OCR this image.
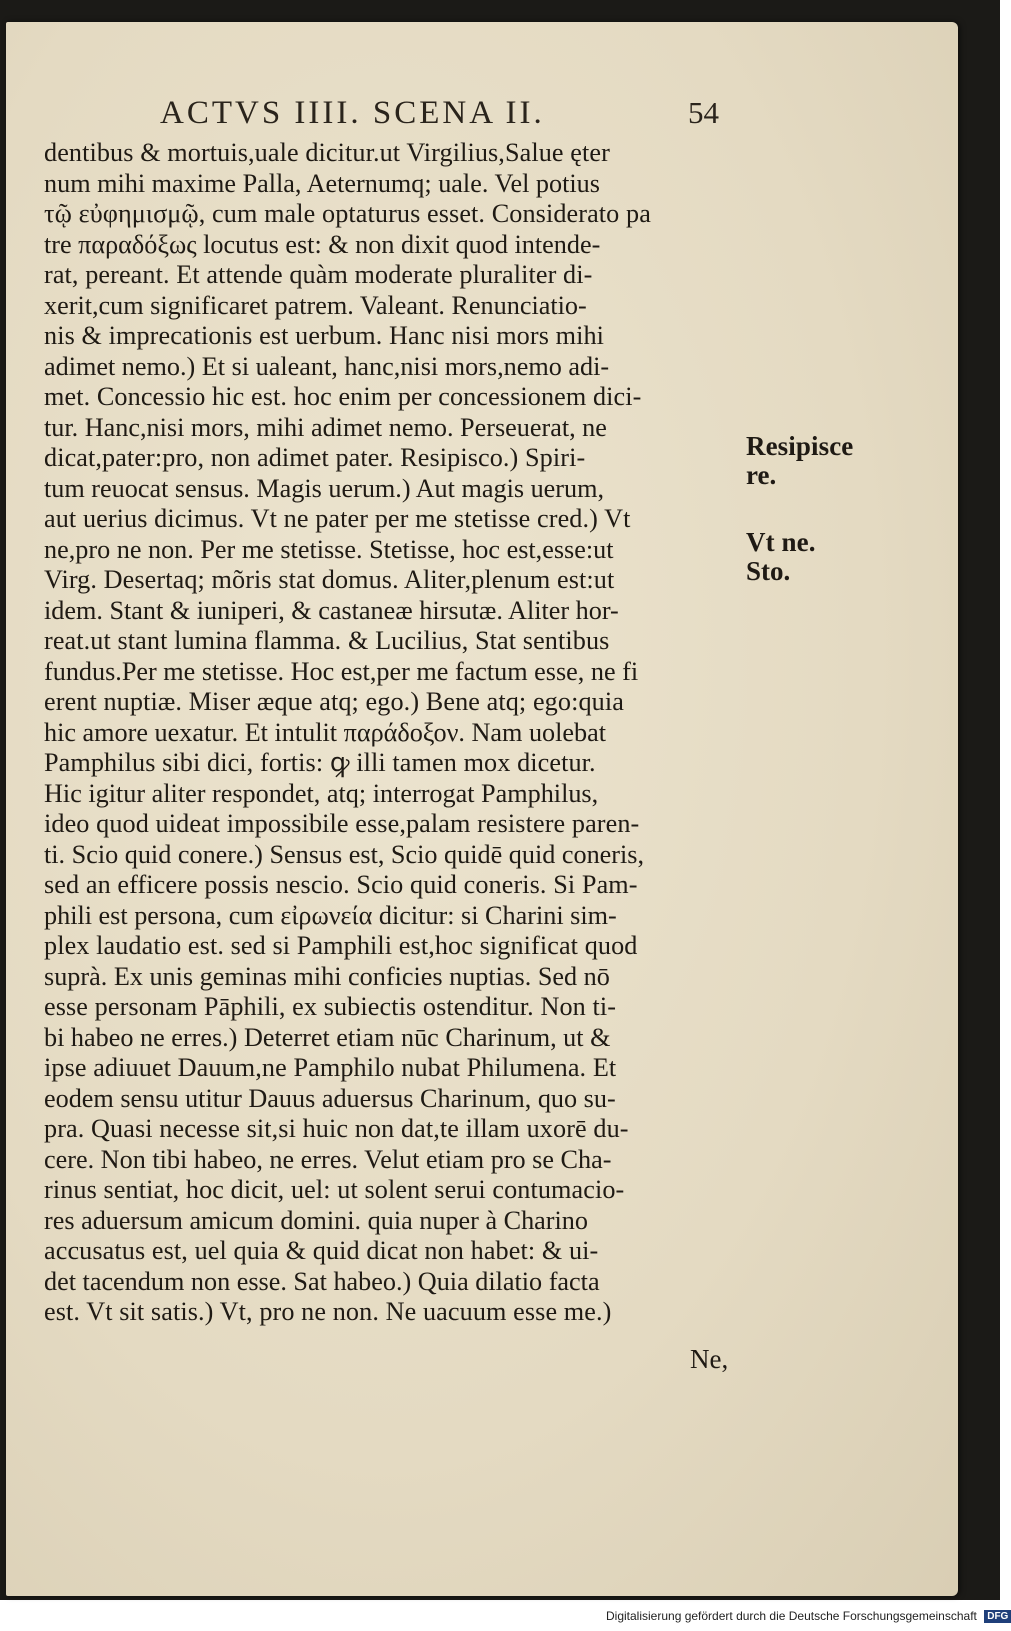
ACTVS IIII. SCENA II.	54
dentibus & mortuis,uale dicitur.ut Virgilius,Salue ęter
num mihi maxime Palla, Aeternumq; uale. Vel potius
τῷ εὐφημισμῷ, cum male optaturus esset. Considerato pa
tre παραδόξως locutus est: & non dixit quod intende-
rat, pereant. Et attende quàm moderate pluraliter di-
xerit,cum significaret patrem. Valeant. Renunciatio-
nis & imprecationis est uerbum. Hanc nisi mors mihi
adimet nemo.) Et si ualeant, hanc,nisi mors,nemo adi-
met. Concessio hic est. hoc enim per concessionem dici-
tur. Hanc,nisi mors, mihi adimet nemo. Perseuerat, ne
dicat,pater:pro, non adimet pater. Resipisco.) Spiri-
tum reuocat sensus. Magis uerum.) Aut magis uerum,
aut uerius dicimus. Vt ne pater per me stetisse cred.) Vt
ne,pro ne non. Per me stetisse. Stetisse, hoc est,esse:ut
Virg. Desertaq; mõris stat domus. Aliter,plenum est:ut
idem. Stant & iuniperi, & castaneæ hirsutæ. Aliter hor-
reat.ut stant lumina flamma. & Lucilius, Stat sentibus
fundus.Per me stetisse. Hoc est,per me factum esse, ne fi
erent nuptiæ. Miser æque atq; ego.) Bene atq; ego:quia
hic amore uexatur. Et intulit παράδοξον. Nam uolebat
Pamphilus sibi dici, fortis: ꝙ illi tamen mox dicetur.
Hic igitur aliter respondet, atq; interrogat Pamphilus,
ideo quod uideat impossibile esse,palam resistere paren-
ti. Scio quid conere.) Sensus est, Scio quidē quid coneris,
sed an efficere possis nescio. Scio quid coneris. Si Pam-
phili est persona, cum εἰρωνεία dicitur: si Charini sim-
plex laudatio est. sed si Pamphili est,hoc significat quod
suprà. Ex unis geminas mihi conficies nuptias. Sed nō
esse personam Pāphili, ex subiectis ostenditur. Non ti-
bi habeo ne erres.) Deterret etiam nūc Charinum, ut &
ipse adiuuet Dauum,ne Pamphilo nubat Philumena. Et
eodem sensu utitur Dauus aduersus Charinum, quo su-
pra. Quasi necesse sit,si huic non dat,te illam uxorē du-
cere. Non tibi habeo, ne erres. Velut etiam pro se Cha-
rinus sentiat, hoc dicit, uel: ut solent serui contumacio-
res aduersum amicum domini. quia nuper à Charino
accusatus est, uel quia & quid dicat non habet: & ui-
det tacendum non esse. Sat habeo.) Quia dilatio facta
est. Vt sit satis.) Vt, pro ne non. Ne uacuum esse me.)
Ne,
Resipisce
re.
Vt ne.
Sto.
Digitalisierung gefördert durch die Deutsche Forschungsgemeinschaft DFG
